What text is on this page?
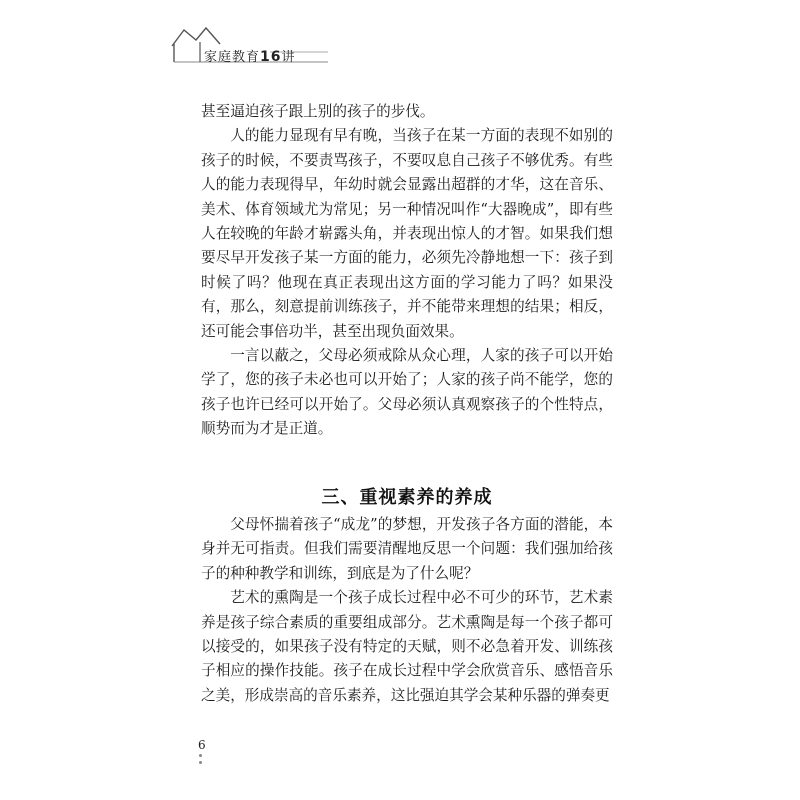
家庭教育16讲

甚至逼迫孩子跟上别的孩子的步伐。

人的能力显现有早有晚，当孩子在某一方面的表现不如别的孩子的时候，不要责骂孩子，不要叹息自己孩子不够优秀。有些人的能力表现得早，年幼时就会显露出超群的才华，这在音乐、美术、体育领域尤为常见；另一种情况叫作“大器晚成”，即有些人在较晚的年龄才崭露头角，并表现出惊人的才智。如果我们想要尽早开发孩子某一方面的能力，必须先冷静地想一下：孩子到时候了吗？他现在真正表现出这方面的学习能力了吗？如果没有，那么，刻意提前训练孩子，并不能带来理想的结果；相反，还可能会事倍功半，甚至出现负面效果。

一言以蔽之，父母必须戒除从众心理，人家的孩子可以开始学了，您的孩子未必也可以开始了；人家的孩子尚不能学，您的孩子也许已经可以开始了。父母必须认真观察孩子的个性特点，顺势而为才是正道。

三、重视素养的养成

父母怀揣着孩子“成龙”的梦想，开发孩子各方面的潜能，本身并无可指责。但我们需要清醒地反思一个问题：我们强加给孩子的种种教学和训练，到底是为了什么呢？

艺术的熏陶是一个孩子成长过程中必不可少的环节，艺术素养是孩子综合素质的重要组成部分。艺术熏陶是每一个孩子都可以接受的，如果孩子没有特定的天赋，则不必急着开发、训练孩子相应的操作技能。孩子在成长过程中学会欣赏音乐、感悟音乐之美，形成崇高的音乐素养，这比强迫其学会某种乐器的弹奏更

6
